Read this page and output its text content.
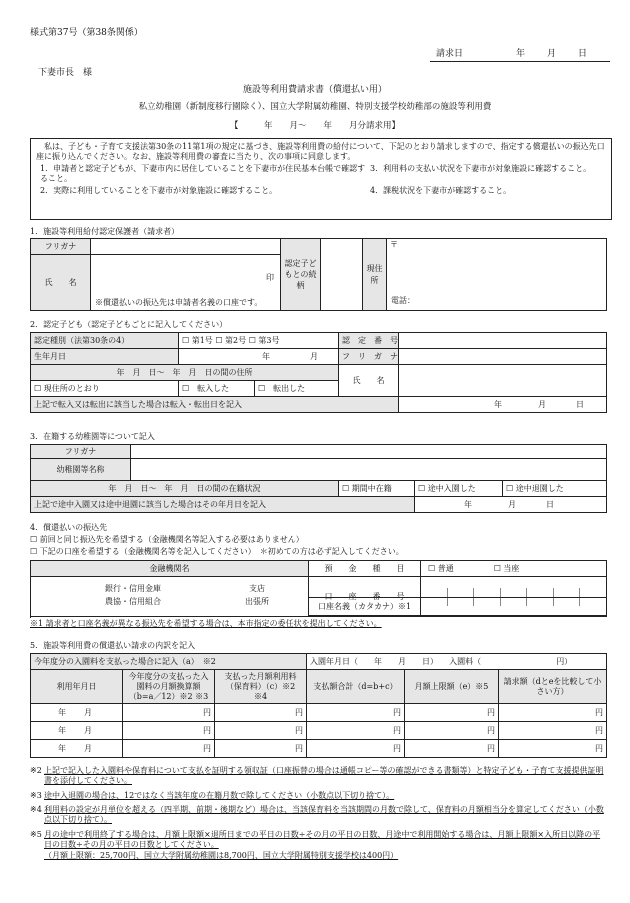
様式第37号（第38条関係）
請求日	年 月 日
下妻市長　様
施設等利用費請求書（償還払い用）
私立幼稚園（新制度移行園除く）、国立大学附属幼稚園、特別支援学校幼稚部の施設等利用費
【　　　年　　月～　　年　　月分請求用】
私は、子ども・子育て支援法第30条の11第1項の規定に基づき、施設等利用費の給付について、下記のとおり請求しますので、指定する償還払いの振込先口座に振り込んでください。なお、施設等利用費の審査に当たり、次の事項に同意します。
1．申請者と認定子どもが、下妻市内に居住していることを下妻市が住民基本台帳で確認すること。
3．利用料の支払い状況を下妻市が対象施設に確認すること。
2．実際に利用していることを下妻市が対象施設に確認すること。	4．課税状況を下妻市が確認すること。
1．施設等利用給付認定保護者（請求者）
フリガナ		認定子どもとの続柄		現住所	〒
電話：

氏　　名	印
※償還払いの振込先は申請者名義の口座です。				
2．認定子ども（認定子どもごとに記入してください）
認定種別（法第30条の4）	☐ 第1号 ☐ 第2号 ☐ 第3号		認　定　番　号	
生年月日	年 月		フ　リ　ガ　ナ	
年　月　日～　年　月　日の間の住所			氏　　名	
☐ 現住所のとおり	☐　転入した	☐　転出した		
上記で転入又は転出に該当した場合は転入・転出日を記入				年 月 日
3．在籍する幼稚園等について記入
フリガナ				
幼稚園等名称				
年　月　日～　年　月　日の間の在籍状況		☐ 期間中在籍	☐ 途中入園した	☐ 途中退園した
上記で途中入園又は途中退園に該当した場合はその年月日を記入			年 月 日	
4．償還払いの振込先
☐ 前回と同じ振込先を希望する（金融機関名等記入する必要はありません）
☐ 下記の口座を希望する（金融機関名等を記入してください）　＊初めての方は必ず記入してください。
金融機関名	預　　金　　種　　目	☐ 普通 ☐ 当座

銀行・信用金庫
農協・信用組合
支店
出張所	口　　座　　番　　号	

口座名義（カタカナ）※1	
※1 請求者と口座名義が異なる振込先を希望する場合は、本市指定の委任状を提出してください。
5．施設等利用費の償還払い請求の内訳を記入
今年度分の入園料を支払った場合に記入（a）　※2			入園年月日（　　年　　月　　日） 入園料（ 円）		
利用年月日	今年度分の支払った入園料の月額換算額（b=a／12）※2 ※3	支払った月額利用料（保育料）（c）※2 ※4	支払額合計（d=b+c）	月額上限額（e）※5	請求額（dとeを比較して小さい方）
年 月	円	円	円	円	円
年 月	円	円	円	円	円
年 月	円	円	円	円	円
※2 上記で記入した入園料や保育料について支払を証明する領収証（口座振替の場合は通帳コピー等の確認ができる書類等）と特定子ども・子育て支援提供証明書を添付してください。
※3 途中入退園の場合は、12ではなく当該年度の在籍月数で除してください（小数点以下切り捨て）。
※4 利用料の設定が月単位を超える（四半期、前期・後期など）場合は、当該保育料を当該期間の月数で除して、保育料の月額相当分を算定してください（小数点以下切り捨て）。
※5 月の途中で利用終了する場合は、月額上限額×退所日までの平日の日数÷その月の平日の日数、月途中で利用開始する場合は、月額上限額×入所日以降の平日の日数÷その月の平日の日数としてください。
（月額上限額：25,700円、国立大学附属幼稚園は8,700円、国立大学附属特別支援学校は400円）
